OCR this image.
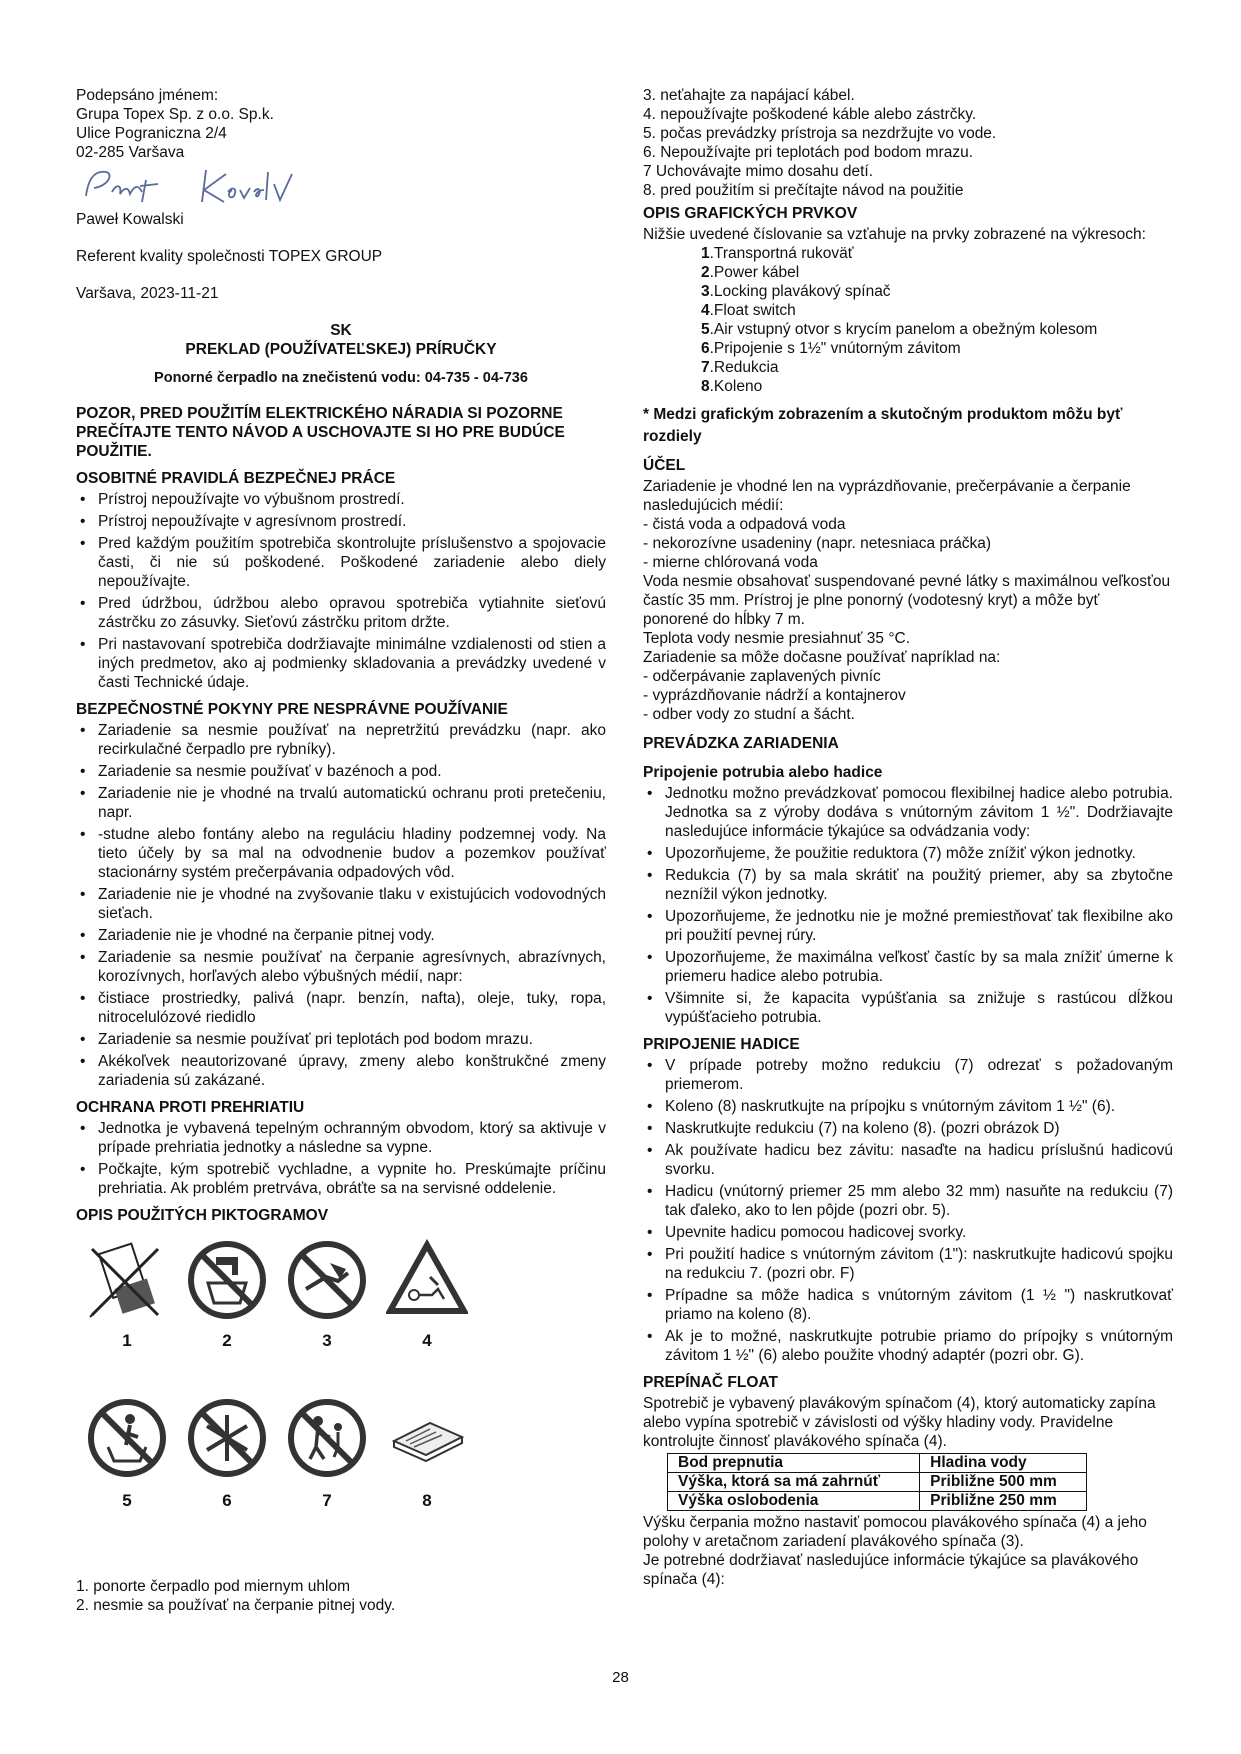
Podepsáno jménem:

Grupa Topex Sp. z o.o. Sp.k.

Ulice Pograniczna 2/4

02-285 Varšava

Paweł Kowalski

Referent kvality společnosti TOPEX GROUP

Varšava, 2023-11-21

SK

PREKLAD (POUŽÍVATEĽSKEJ) PRÍRUČKY

Ponorné čerpadlo na znečistenú vodu: 04-735 - 04-736

POZOR, PRED POUŽITÍM ELEKTRICKÉHO NÁRADIA SI POZORNE PREČÍTAJTE TENTO NÁVOD A USCHOVAJTE SI HO PRE BUDÚCE POUŽITIE.

OSOBITNÉ PRAVIDLÁ BEZPEČNEJ PRÁCE
• Prístroj nepoužívajte vo výbušnom prostredí.
• Prístroj nepoužívajte v agresívnom prostredí.
• Pred každým použitím spotrebiča skontrolujte príslušenstvo a spojovacie časti, či nie sú poškodené. Poškodené zariadenie alebo diely nepoužívajte.
• Pred údržbou, údržbou alebo opravou spotrebiča vytiahnite sieťovú zástrčku zo zásuvky. Sieťovú zástrčku pritom držte.
• Pri nastavovaní spotrebiča dodržiavajte minimálne vzdialenosti od stien a iných predmetov, ako aj podmienky skladovania a prevádzky uvedené v časti Technické údaje.
BEZPEČNOSTNÉ POKYNY PRE NESPRÁVNE POUŽÍVANIE
• Zariadenie sa nesmie používať na nepretržitú prevádzku (napr. ako recirkulačné čerpadlo pre rybníky).
• Zariadenie sa nesmie používať v bazénoch a pod.
• Zariadenie nie je vhodné na trvalú automatickú ochranu proti pretečeniu, napr.
• -studne alebo fontány alebo na reguláciu hladiny podzemnej vody. Na tieto účely by sa mal na odvodnenie budov a pozemkov používať stacionárny systém prečerpávania odpadových vôd.
• Zariadenie nie je vhodné na zvyšovanie tlaku v existujúcich vodovodných sieťach.
• Zariadenie nie je vhodné na čerpanie pitnej vody.
• Zariadenie sa nesmie používať na čerpanie agresívnych, abrazívnych, korozívnych, horľavých alebo výbušných médií, napr:
• čistiace prostriedky, palivá (napr. benzín, nafta), oleje, tuky, ropa, nitrocelulózové riedidlo
• Zariadenie sa nesmie používať pri teplotách pod bodom mrazu.
• Akékoľvek neautorizované úpravy, zmeny alebo konštrukčné zmeny zariadenia sú zakázané.
OCHRANA PROTI PREHRIATIU
• Jednotka je vybavená tepelným ochranným obvodom, ktorý sa aktivuje v prípade prehriatia jednotky a následne sa vypne.
• Počkajte, kým spotrebič vychladne, a vypnite ho. Preskúmajte príčinu prehriatia. Ak problém pretrváva, obráťte sa na servisné oddelenie.
OPIS POUŽITÝCH PIKTOGRAMOV
1	2	3	4
5	6	7	8

1. ponorte čerpadlo pod miernym uhlom

2. nesmie sa používať na čerpanie pitnej vody.

3. neťahajte za napájací kábel.

4. nepoužívajte poškodené káble alebo zástrčky.

5. počas prevádzky prístroja sa nezdržujte vo vode.

6. Nepoužívajte pri teplotách pod bodom mrazu.

7 Uchovávajte mimo dosahu detí.

8. pred použitím si prečítajte návod na použitie

OPIS GRAFICKÝCH PRVKOV

Nižšie uvedené číslovanie sa vzťahuje na prvky zobrazené na výkresoch:

1.Transportná rukoväť

2.Power kábel

3.Locking plavákový spínač

4.Float switch

5.Air vstupný otvor s krycím panelom a obežným kolesom

6.Pripojenie s 1½" vnútorným závitom

7.Redukcia

8.Koleno

* Medzi grafickým zobrazením a skutočným produktom môžu byť rozdiely

ÚČEL

Zariadenie je vhodné len na vyprázdňovanie, prečerpávanie a čerpanie nasledujúcich médií:

- čistá voda a odpadová voda

- nekorozívne usadeniny (napr. netesniaca práčka)

- mierne chlórovaná voda

Voda nesmie obsahovať suspendované pevné látky s maximálnou veľkosťou častíc 35 mm. Prístroj je plne ponorný (vodotesný kryt) a môže byť

ponorené do hĺbky 7 m.

Teplota vody nesmie presiahnuť 35 °C.

Zariadenie sa môže dočasne používať napríklad na:

- odčerpávanie zaplavených pivníc

- vyprázdňovanie nádrží a kontajnerov

- odber vody zo studní a šácht.

PREVÁDZKA ZARIADENIA
Pripojenie potrubia alebo hadice
• Jednotku možno prevádzkovať pomocou flexibilnej hadice alebo potrubia. Jednotka sa z výroby dodáva s vnútorným závitom 1 ½". Dodržiavajte nasledujúce informácie týkajúce sa odvádzania vody:
• Upozorňujeme, že použitie reduktora (7) môže znížiť výkon jednotky.
• Redukcia (7) by sa mala skrátiť na použitý priemer, aby sa zbytočne neznížil výkon jednotky.
• Upozorňujeme, že jednotku nie je možné premiestňovať tak flexibilne ako pri použití pevnej rúry.
• Upozorňujeme, že maximálna veľkosť častíc by sa mala znížiť úmerne k priemeru hadice alebo potrubia.
• Všimnite si, že kapacita vypúšťania sa znižuje s rastúcou dĺžkou vypúšťacieho potrubia.
PRIPOJENIE HADICE
• V prípade potreby možno redukciu (7) odrezať s požadovaným priemerom.
• Koleno (8) naskrutkujte na prípojku s vnútorným závitom 1 ½" (6).
• Naskrutkujte redukciu (7) na koleno (8). (pozri obrázok D)
• Ak používate hadicu bez závitu: nasaďte na hadicu príslušnú hadicovú svorku.
• Hadicu (vnútorný priemer 25 mm alebo 32 mm) nasuňte na redukciu (7) tak ďaleko, ako to len pôjde (pozri obr. 5).
• Upevnite hadicu pomocou hadicovej svorky.
• Pri použití hadice s vnútorným závitom (1"): naskrutkujte hadicovú spojku na redukciu 7. (pozri obr. F)
• Prípadne sa môže hadica s vnútorným závitom (1 ½ ") naskrutkovať priamo na koleno (8).
• Ak je to možné, naskrutkujte potrubie priamo do prípojky s vnútorným závitom 1 ½" (6) alebo použite vhodný adaptér (pozri obr. G).
PREPÍNAČ FLOAT

Spotrebič je vybavený plavákovým spínačom (4), ktorý automaticky zapína alebo vypína spotrebič v závislosti od výšky hladiny vody. Pravidelne kontrolujte činnosť plavákového spínača (4).

Bod prepnutia	Hladina vody
Výška, ktorá sa má zahrnúť	Približne 500 mm
Výška oslobodenia	Približne 250 mm

Výšku čerpania možno nastaviť pomocou plavákového spínača (4) a jeho polohy v aretačnom zariadení plavákového spínača (3).

Je potrebné dodržiavať nasledujúce informácie týkajúce sa plavákového spínača (4):

28
